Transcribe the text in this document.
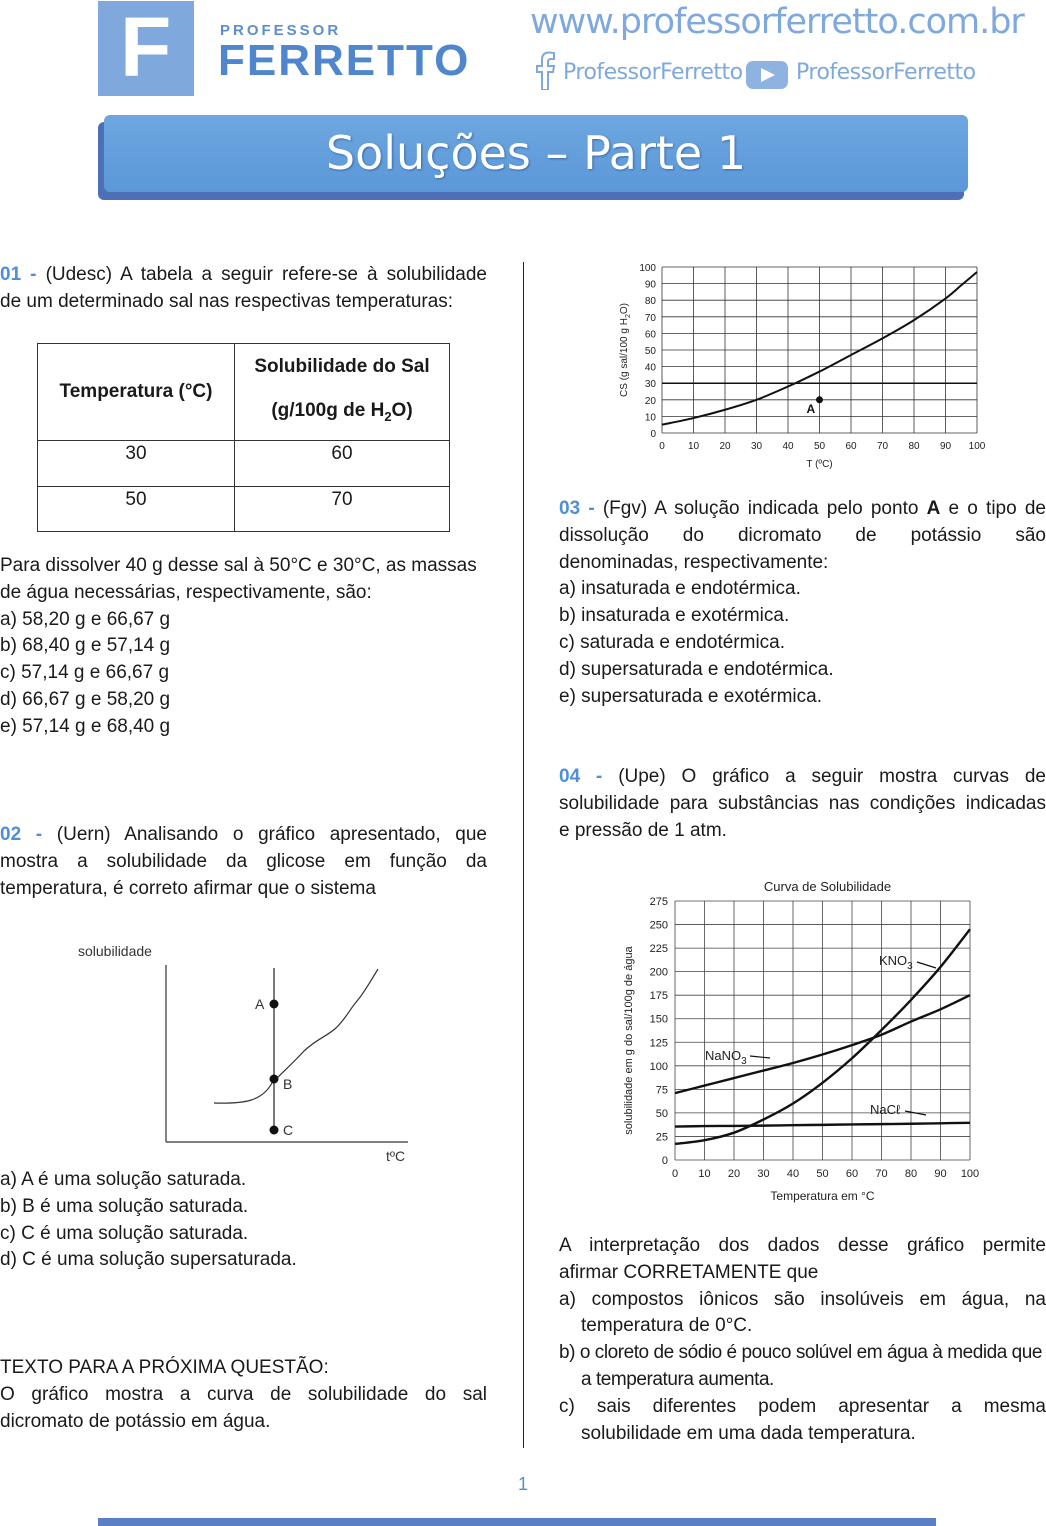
F	PROFESSOR
FERRETTO
www.professorferretto.com.br
ProfessorFerretto ProfessorFerretto
Soluções – Parte 1

01 - (Udesc) A tabela a seguir refere-se à solubilidade

de um determinado sal nas respectivas temperaturas:

Temperatura (°C)	Solubilidade do Sal
(g/100g de $H_2O$)
30	60
50	70

Para dissolver 40 g desse sal à 50°C e 30°C, as massas de água necessárias, respectivamente, são:

a) 58,20 g e 66,67 g

b) 68,40 g e 57,14 g

c) 57,14 g e 66,67 g

d) 66,67 g e 58,20 g

e) 57,14 g e 68,40 g

02 - (Uern) Analisando o gráfico apresentado, que

mostra a solubilidade da glicose em função da

temperatura, é correto afirmar que o sistema

solubilidade
tºC
A
B
C

a) A é uma solução saturada.

b) B é uma solução saturada.

c) C é uma solução saturada.

d) C é uma solução supersaturada.

TEXTO PARA A PRÓXIMA QUESTÃO:

O gráfico mostra a curva de solubilidade do sal

dicromato de potássio em água.

0 10 20 30 40 50 60 70 80 90 100
0
10
20
30
40
50
60
70
80
90
100
A
T (ºC)
CS (g sal/100 g $H_2O$)

03 - (Fgv) A solução indicada pelo ponto A e o tipo de

dissolução do dicromato de potássio são

denominadas, respectivamente:

a) insaturada e endotérmica.

b) insaturada e exotérmica.

c) saturada e endotérmica.

d) supersaturada e endotérmica.

e) supersaturada e exotérmica.

04 - (Upe) O gráfico a seguir mostra curvas de

solubilidade para substâncias nas condições indicadas

e pressão de 1 atm.

Curva de Solubilidade
0 10 20 30 40 50 60 70 80 90 100
0
25
50
75
100
125
150
175
200
225
250
275
$KNO_3$
NaNO$_3$
NaCℓ
Temperatura em °C
solubilidade em g do sal/100g de água

A interpretação dos dados desse gráfico permite

afirmar CORRETAMENTE que

a) compostos iônicos são insolúveis em água, na temperatura de 0°C.

b) o cloreto de sódio é pouco solúvel em água à medida que a temperatura aumenta.

c) sais diferentes podem apresentar a mesma solubilidade em uma dada temperatura.

1
